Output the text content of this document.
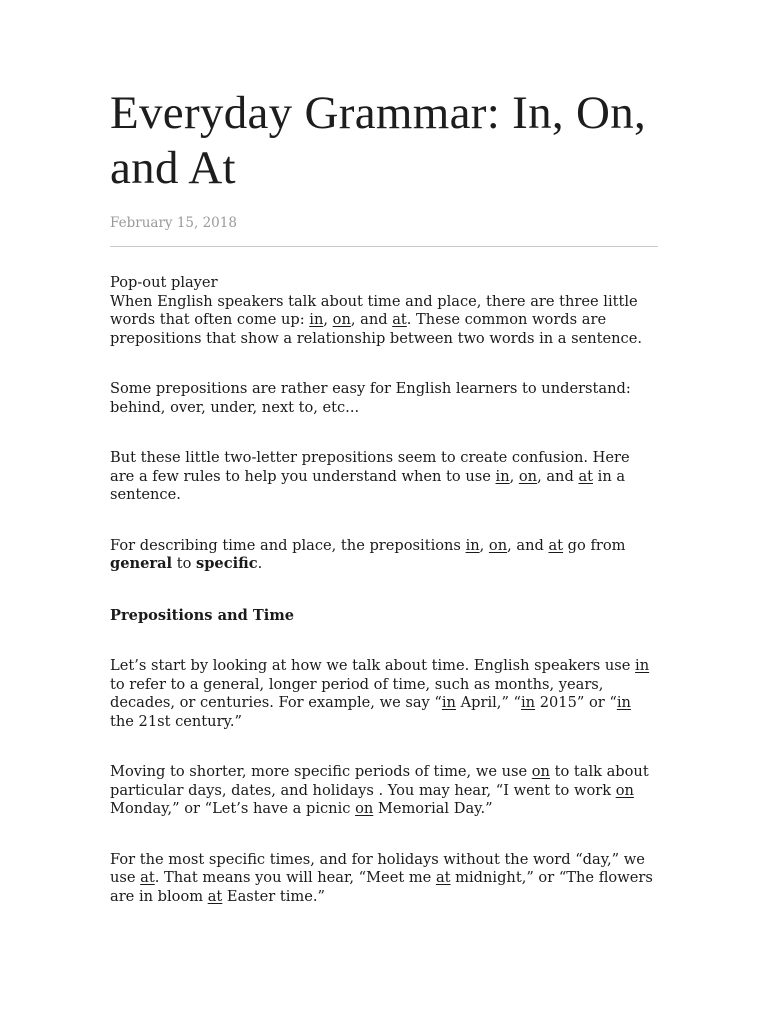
Everyday Grammar: In, On, and At
February 15, 2018

Pop-out player

When English speakers talk about time and place, there are three little words that often come up: in, on, and at. These common words are prepositions that show a relationship between two words in a sentence.

Some prepositions are rather easy for English learners to understand: behind, over, under, next to, etc...

But these little two-letter prepositions seem to create confusion. Here are a few rules to help you understand when to use in, on, and at in a sentence.

For describing time and place, the prepositions in, on, and at go from general to specific.

Prepositions and Time

Let’s start by looking at how we talk about time. English speakers use in to refer to a general, longer period of time, such as months, years, decades, or centuries. For example, we say “in April,” “in 2015” or “in the 21st century.”

Moving to shorter, more specific periods of time, we use on to talk about particular days, dates, and holidays . You may hear, “I went to work on Monday,” or “Let’s have a picnic on Memorial Day.”

For the most specific times, and for holidays without the word “day,” we use at. That means you will hear, “Meet me at midnight,” or “The flowers are in bloom at Easter time.”
